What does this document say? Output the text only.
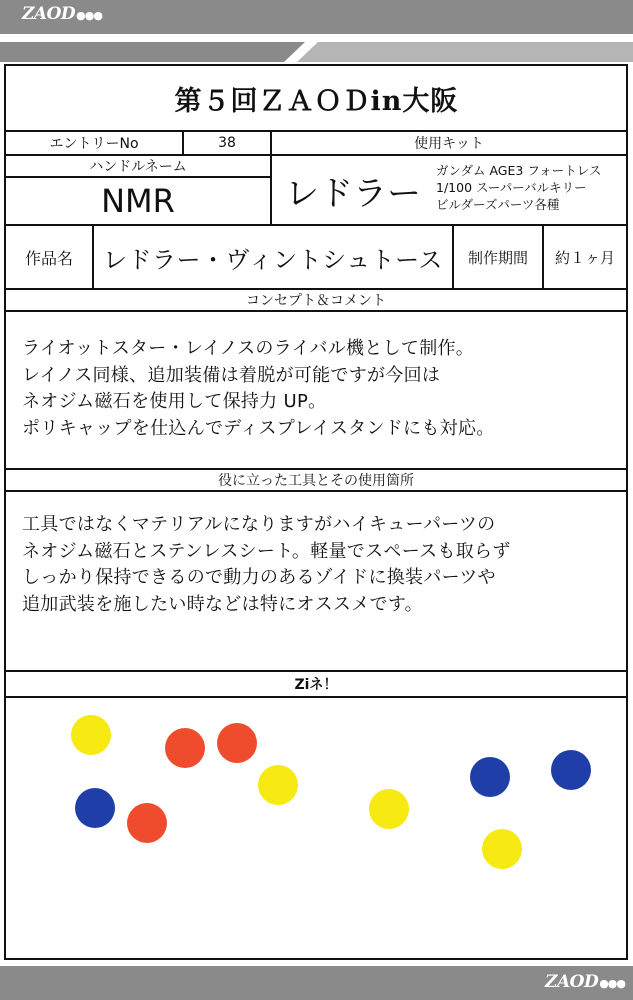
ZAOD●●●
第５回ＺＡＯＤin大阪
エントリーNo	38	使用キット
ハンドルネーム
NMR	レドラー
ガンダム AGE3 フォートレス
1/100 スーパーバルキリー
ビルダーズパーツ各種
作品名	レドラー・ヴィントシュトース	制作期間	約１ヶ月
コンセプト＆コメント
ライオットスター・レイノスのライバル機として制作。
レイノス同様、追加装備は着脱が可能ですが今回は
ネオジム磁石を使用して保持力 UP。
ポリキャップを仕込んでディスプレイスタンドにも対応。
役に立った工具とその使用箇所
工具ではなくマテリアルになりますがハイキューパーツの
ネオジム磁石とステンレスシート。軽量でスペースも取らず
しっかり保持できるので動力のあるゾイドに換装パーツや
追加武装を施したい時などは特にオススメです。
Ziネ！
ZAOD●●●
